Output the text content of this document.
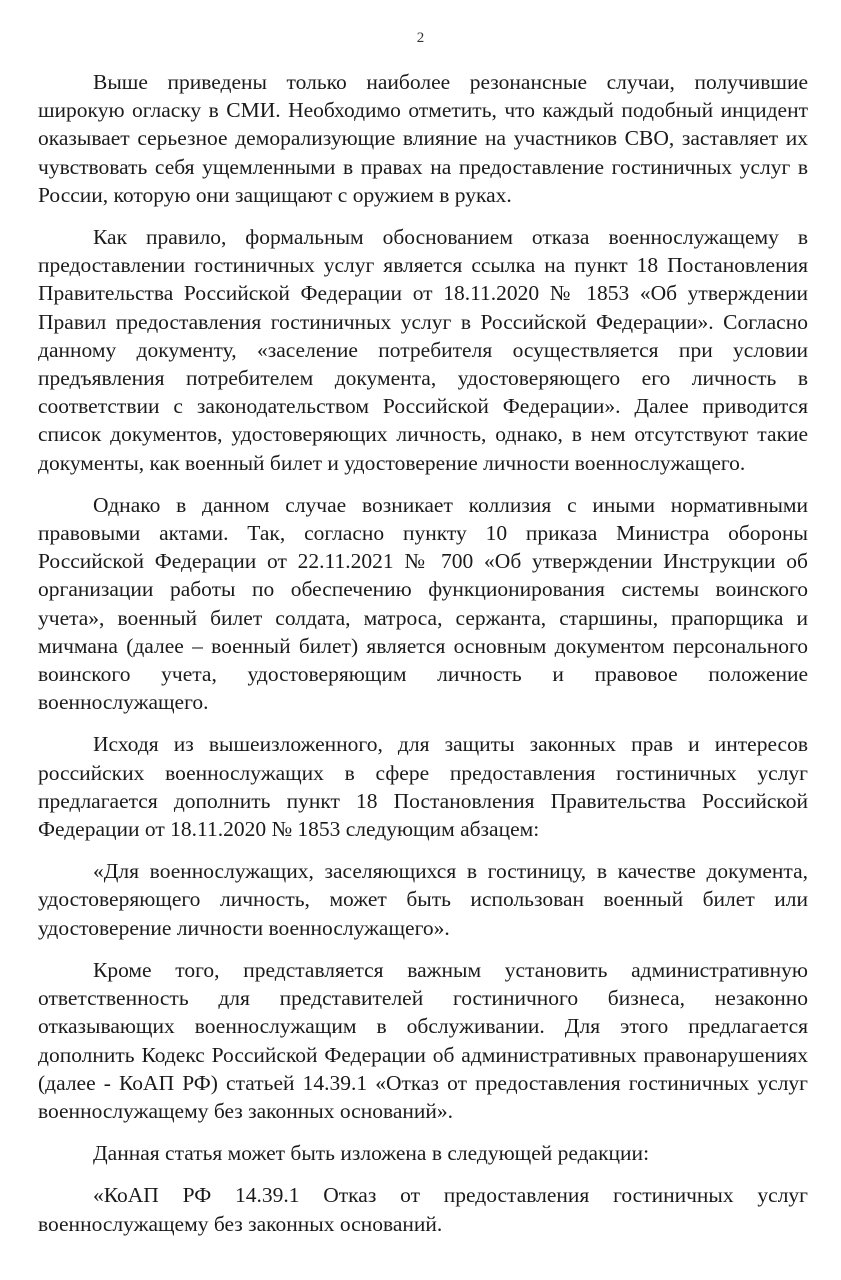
2

Выше приведены только наиболее резонансные случаи, получившие широкую огласку в СМИ. Необходимо отметить, что каждый подобный инцидент оказывает серьезное деморализующие влияние на участников СВО, заставляет их чувствовать себя ущемленными в правах на предоставление гостиничных услуг в России, которую они защищают с оружием в руках.

Как правило, формальным обоснованием отказа военнослужащему в предоставлении гостиничных услуг является ссылка на пункт 18 Постановления Правительства Российской Федерации от 18.11.2020 № 1853 «Об утверждении Правил предоставления гостиничных услуг в Российской Федерации». Согласно данному документу, «заселение потребителя осуществляется при условии предъявления потребителем документа, удостоверяющего его личность в соответствии с законодательством Российской Федерации». Далее приводится список документов, удостоверяющих личность, однако, в нем отсутствуют такие документы, как военный билет и удостоверение личности военнослужащего.

Однако в данном случае возникает коллизия с иными нормативными правовыми актами. Так, согласно пункту 10 приказа Министра обороны Российской Федерации от 22.11.2021 № 700 «Об утверждении Инструкции об организации работы по обеспечению функционирования системы воинского учета», военный билет солдата, матроса, сержанта, старшины, прапорщика и мичмана (далее – военный билет) является основным документом персонального воинского учета, удостоверяющим личность и правовое положение военнослужащего.

Исходя из вышеизложенного, для защиты законных прав и интересов российских военнослужащих в сфере предоставления гостиничных услуг предлагается дополнить пункт 18 Постановления Правительства Российской Федерации от 18.11.2020 № 1853 следующим абзацем:

«Для военнослужащих, заселяющихся в гостиницу, в качестве документа, удостоверяющего личность, может быть использован военный билет или удостоверение личности военнослужащего».

Кроме того, представляется важным установить административную ответственность для представителей гостиничного бизнеса, незаконно отказывающих военнослужащим в обслуживании. Для этого предлагается дополнить Кодекс Российской Федерации об административных правонарушениях (далее - КоАП РФ) статьей 14.39.1 «Отказ от предоставления гостиничных услуг военнослужащему без законных оснований».

Данная статья может быть изложена в следующей редакции:

«КоАП РФ 14.39.1 Отказ от предоставления гостиничных услуг военнослужащему без законных оснований.
